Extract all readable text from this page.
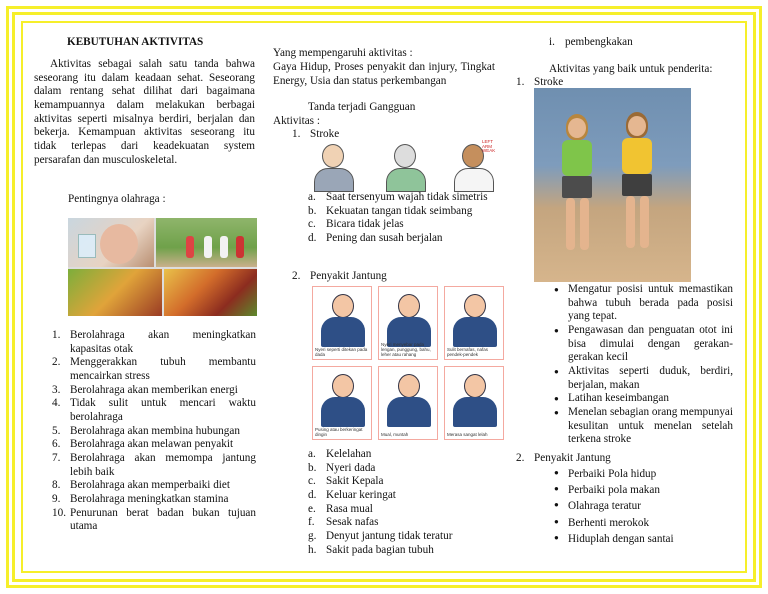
KEBUTUHAN AKTIVITAS
Aktivitas sebagai salah satu tanda bahwa seseorang itu dalam keadaan sehat. Seseorang dalam rentang sehat dilihat dari bagaimana kemampuannya dalam melakukan berbagai aktivitas seperti misalnya berdiri, berjalan dan bekerja. Kemampuan aktivitas seseorang itu tidak terlepas dari keadekuatan system persarafan dan musculoskeletal.
Pentingnya olahraga :
1. Berolahraga akan meningkatkan kapasitas otak
2. Menggerakkan tubuh membantu mencairkan stress
3. Berolahraga akan memberikan energi
4. Tidak sulit untuk mencari waktu berolahraga
5. Berolahraga akan membina hubungan
6. Berolahraga akan melawan penyakit
7. Berolahraga akan memompa jantung lebih baik
8. Berolahraga akan memperbaiki diet
9. Berolahraga meningkatkan stamina
10. Penurunan berat badan bukan tujuan utama
Yang mempengaruhi aktivitas :
Gaya Hidup, Proses penyakit dan injury, Tingkat Energy, Usia dan status perkembangan
Tanda terjadi Gangguan
Aktivitas :
1. Stroke
LEFT ARM WEAK
a. Saat tersenyum wajah tidak simetris
b. Kekuatan tangan tidak seimbang
c. Bicara tidak jelas
d. Pening dan susah berjalan
2. Penyakit Jantung
Nyeri seperti ditekan pada dada
Nyeri menyebar pada lengan, punggung, bahu, leher atau rahang
Sulit bernafas, nafas pendek-pendek
Pusing atau berkeringat dingin	Mual, muntah	Merasa sangat lelah
a. Kelelahan
b. Nyeri dada
c. Sakit Kepala
d. Keluar keringat
e. Rasa mual
f. Sesak nafas
g. Denyut jantung tidak teratur
h. Sakit pada bagian tubuh
i. pembengkakan
Aktivitas yang baik untuk penderita:
1. Stroke
● Mengatur posisi untuk memastikan bahwa tubuh berada pada posisi yang tepat.
● Pengawasan dan penguatan otot ini bisa dimulai dengan gerakan-gerakan kecil
● Aktivitas seperti duduk, berdiri, berjalan, makan
● Latihan keseimbangan
● Menelan sebagian orang mempunyai kesulitan untuk menelan setelah terkena stroke
2. Penyakit Jantung
● Perbaiki Pola hidup
● Perbaiki pola makan
● Olahraga teratur
● Berhenti merokok
● Hiduplah dengan santai
